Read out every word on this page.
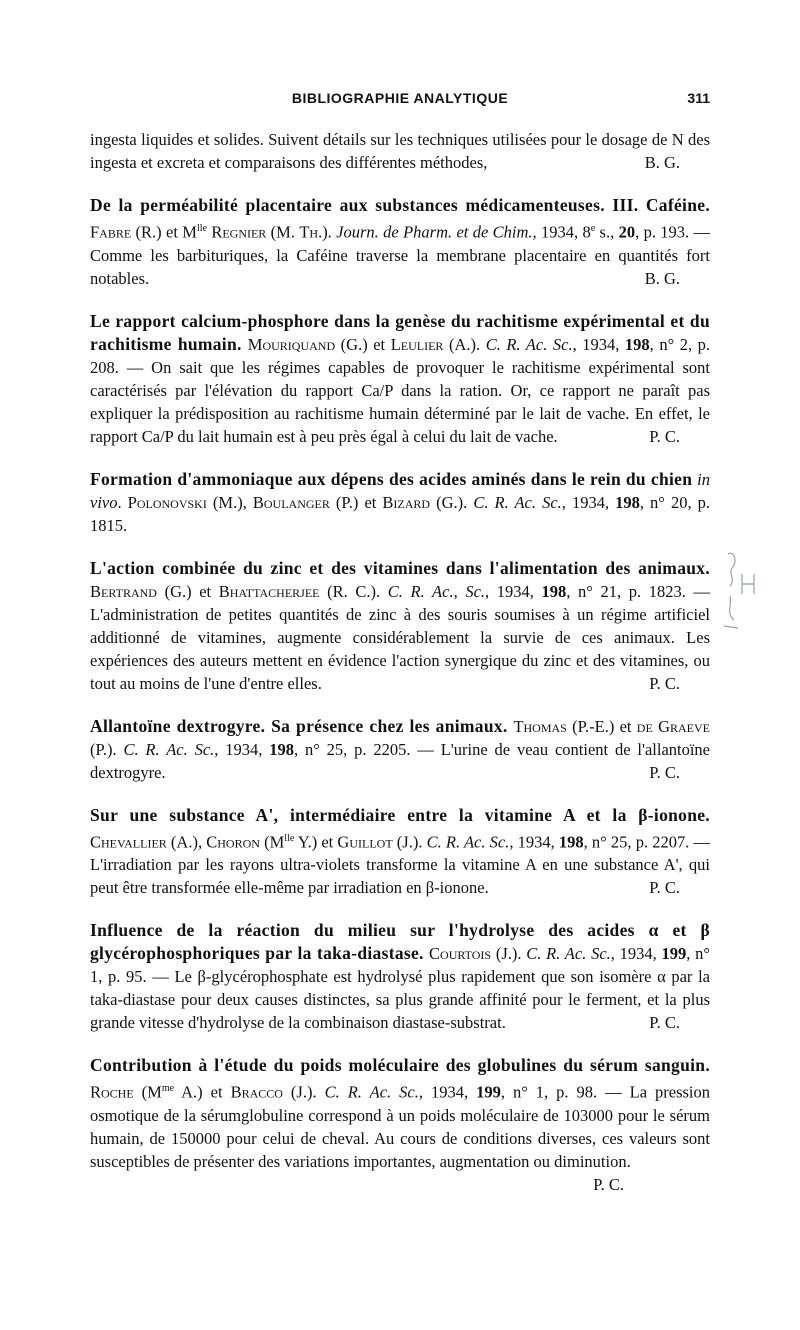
BIBLIOGRAPHIE ANALYTIQUE	311

ingesta liquides et solides. Suivent détails sur les techniques utilisées pour le dosage de N des ingesta et excreta et comparaisons des différentes méthodes,	B. G.

De la perméabilité placentaire aux substances médicamenteuses. III. Caféine. Fabre (R.) et $M^{lle}$ Regnier (M. Th.). Journ. de Pharm. et de Chim., 1934, 8e s., 20, p. 193. — Comme les barbituriques, la Caféine traverse la membrane placentaire en quantités fort notables.	B. G.

Le rapport calcium-phosphore dans la genèse du rachitisme expérimental et du rachitisme humain. Mouriquand (G.) et Leulier (A.). C. R. Ac. Sc., 1934, 198, n° 2, p. 208. — On sait que les régimes capables de provoquer le rachitisme expérimental sont caractérisés par l'élévation du rapport Ca/P dans la ration. Or, ce rapport ne paraît pas expliquer la prédisposition au rachitisme humain déterminé par le lait de vache. En effet, le rapport Ca/P du lait humain est à peu près égal à celui du lait de vache.	P. C.

Formation d'ammoniaque aux dépens des acides aminés dans le rein du chien in vivo. Polonovski (M.), Boulanger (P.) et Bizard (G.). C. R. Ac. Sc., 1934, 198, n° 20, p. 1815.

L'action combinée du zinc et des vitamines dans l'alimentation des animaux. Bertrand (G.) et Bhattacherjee (R. C.). C. R. Ac., Sc., 1934, 198, n° 21, p. 1823. — L'administration de petites quantités de zinc à des souris soumises à un régime artificiel additionné de vitamines, augmente considérablement la survie de ces animaux. Les expériences des auteurs mettent en évidence l'action synergique du zinc et des vitamines, ou tout au moins de l'une d'entre elles.	P. C.

Allantoïne dextrogyre. Sa présence chez les animaux. Thomas (P.-E.) et de Graeve (P.). C. R. Ac. Sc., 1934, 198, n° 25, p. 2205. — L'urine de veau contient de l'allantoïne dextrogyre.	P. C.

Sur une substance A', intermédiaire entre la vitamine A et la β-ionone. Chevallier (A.), Choron ($M^{lle}$ Y.) et Guillot (J.). C. R. Ac. Sc., 1934, 198, n° 25, p. 2207. — L'irradiation par les rayons ultra-violets transforme la vitamine A en une substance A', qui peut être transformée elle-même par irradiation en β-ionone.	P. C.

Influence de la réaction du milieu sur l'hydrolyse des acides α et β glycérophosphoriques par la taka-diastase. Courtois (J.). C. R. Ac. Sc., 1934, 199, n° 1, p. 95. — Le β-glycérophosphate est hydrolysé plus rapidement que son isomère α par la taka-diastase pour deux causes distinctes, sa plus grande affinité pour le ferment, et la plus grande vitesse d'hydrolyse de la combinaison diastase-substrat.	P. C.

Contribution à l'étude du poids moléculaire des globulines du sérum sanguin. Roche ($M^{me}$ A.) et Bracco (J.). C. R. Ac. Sc., 1934, 199, n° 1, p. 98. — La pression osmotique de la sérumglobuline correspond à un poids moléculaire de 103000 pour le sérum humain, de 150000 pour celui de cheval. Au cours de conditions diverses, ces valeurs sont susceptibles de présenter des variations importantes, augmentation ou diminution.

P. C.
